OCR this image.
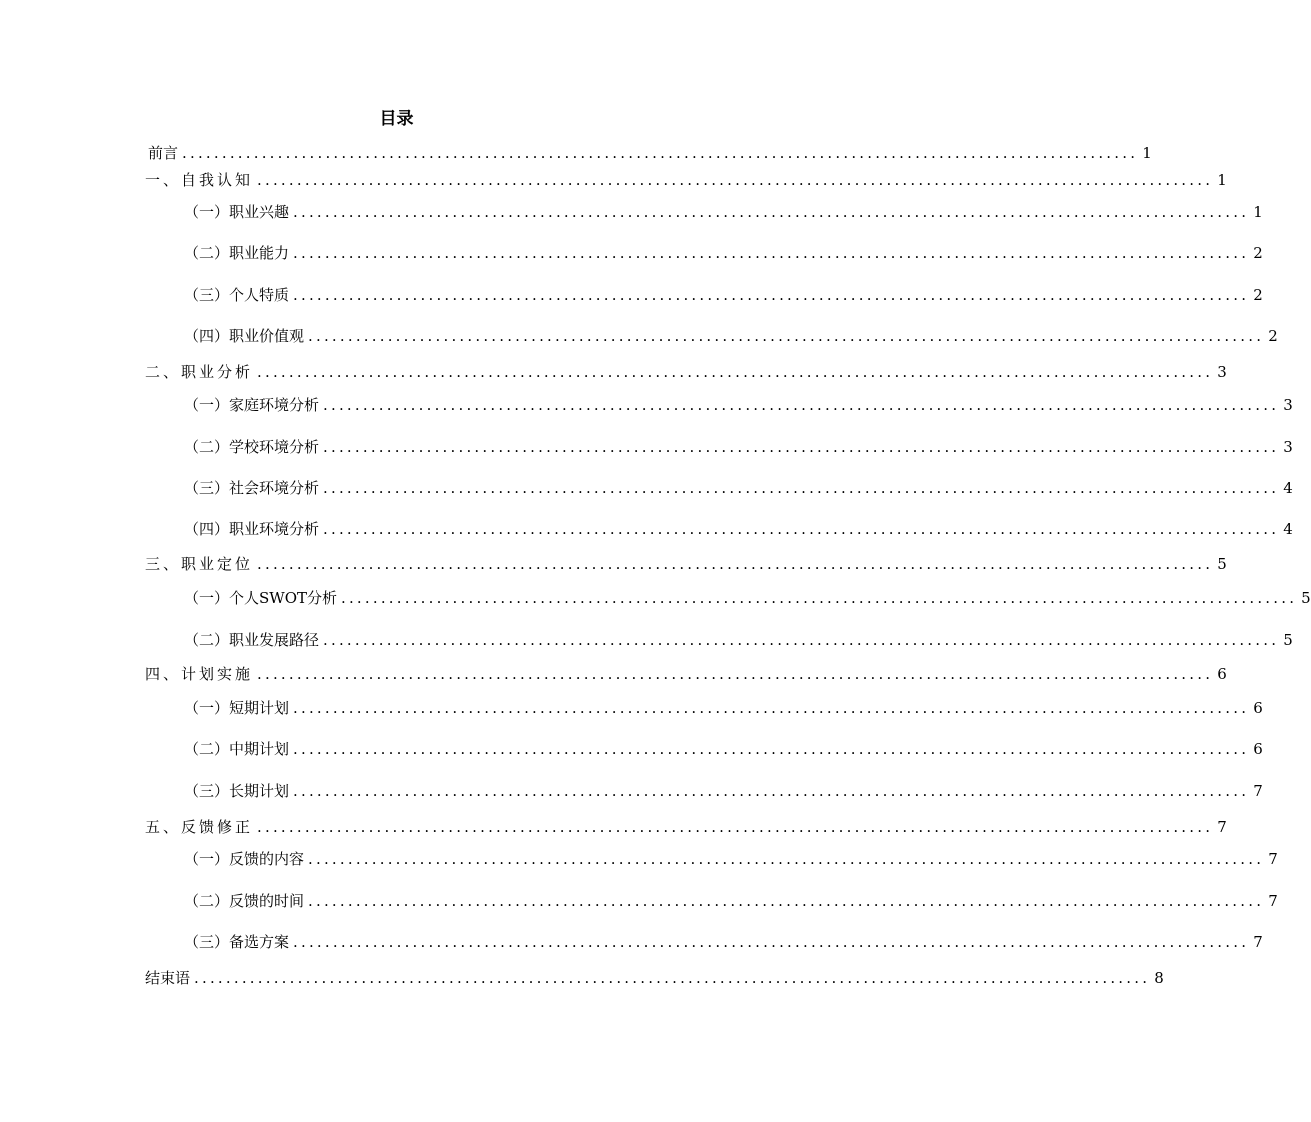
目录
前言 ........................................................................................................................ 1
一、自我认知 ........................................................................................................................ 1
（一）职业兴趣 ........................................................................................................................ 1
（二）职业能力 ........................................................................................................................ 2
（三）个人特质 ........................................................................................................................ 2
（四）职业价值观 ........................................................................................................................ 2
二、职业分析 ........................................................................................................................ 3
（一）家庭环境分析 ........................................................................................................................ 3
（二）学校环境分析 ........................................................................................................................ 3
（三）社会环境分析 ........................................................................................................................ 4
（四）职业环境分析 ........................................................................................................................ 4
三、职业定位 ........................................................................................................................ 5
（一）个人SWOT分析 ........................................................................................................................ 5
（二）职业发展路径 ........................................................................................................................ 5
四、计划实施 ........................................................................................................................ 6
（一）短期计划 ........................................................................................................................ 6
（二）中期计划 ........................................................................................................................ 6
（三）长期计划 ........................................................................................................................ 7
五、反馈修正 ........................................................................................................................ 7
（一）反馈的内容 ........................................................................................................................ 7
（二）反馈的时间 ........................................................................................................................ 7
（三）备选方案 ........................................................................................................................ 7
结束语 ........................................................................................................................ 8
